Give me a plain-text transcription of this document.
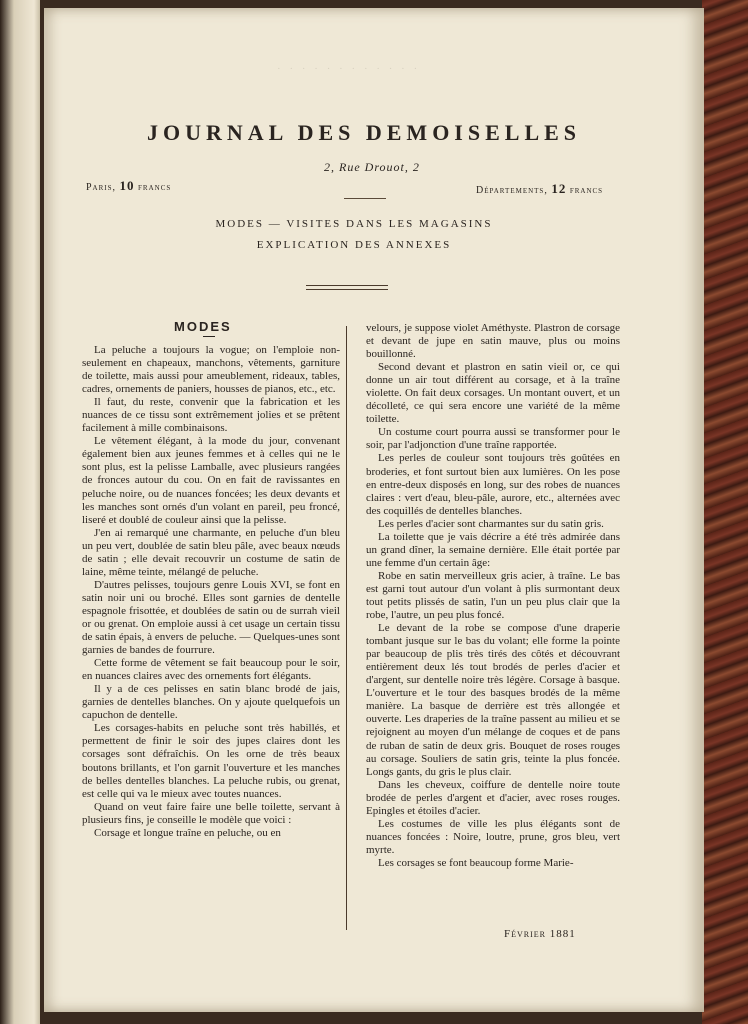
· · · · · · · · · · · ·
JOURNAL DES DEMOISELLES
2, Rue Drouot, 2
Paris, 10 francs	Départements, 12 francs
MODES — VISITES DANS LES MAGASINS
EXPLICATION DES ANNEXES
MODES

La peluche a toujours la vogue; on l'emploie non-seulement en chapeaux, manchons, vêtements, garniture de toilette, mais aussi pour ameublement, rideaux, tables, cadres, ornements de paniers, housses de pianos, etc., etc.

Il faut, du reste, convenir que la fabrication et les nuances de ce tissu sont extrêmement jolies et se prêtent facilement à mille combinaisons.

Le vêtement élégant, à la mode du jour, convenant également bien aux jeunes femmes et à celles qui ne le sont plus, est la pelisse Lamballe, avec plusieurs rangées de fronces autour du cou. On en fait de ravissantes en peluche noire, ou de nuances foncées; les deux devants et les manches sont ornés d'un volant en pareil, peu froncé, liseré et doublé de couleur ainsi que la pelisse.

J'en ai remarqué une charmante, en peluche d'un bleu un peu vert, doublée de satin bleu pâle, avec beaux nœuds de satin ; elle devait recouvrir un costume de satin de laine, même teinte, mélangé de peluche.

D'autres pelisses, toujours genre Louis XVI, se font en satin noir uni ou broché. Elles sont garnies de dentelle espagnole frisottée, et doublées de satin ou de surrah vieil or ou grenat. On emploie aussi à cet usage un certain tissu de satin épais, à envers de peluche. — Quelques-unes sont garnies de bandes de fourrure.

Cette forme de vêtement se fait beaucoup pour le soir, en nuances claires avec des ornements fort élégants.

Il y a de ces pelisses en satin blanc brodé de jais, garnies de dentelles blanches. On y ajoute quelquefois un capuchon de dentelle.

Les corsages-habits en peluche sont très habillés, et permettent de finir le soir des jupes claires dont les corsages sont défraîchis. On les orne de très beaux boutons brillants, et l'on garnit l'ouverture et les manches de belles dentelles blanches. La peluche rubis, ou grenat, est celle qui va le mieux avec toutes nuances.

Quand on veut faire faire une belle toilette, servant à plusieurs fins, je conseille le modèle que voici :

Corsage et longue traîne en peluche, ou en

velours, je suppose violet Améthyste. Plastron de corsage et devant de jupe en satin mauve, plus ou moins bouillonné.

Second devant et plastron en satin vieil or, ce qui donne un air tout différent au corsage, et à la traîne violette. On fait deux corsages. Un montant ouvert, et un décolleté, ce qui sera encore une variété de la même toilette.

Un costume court pourra aussi se transformer pour le soir, par l'adjonction d'une traîne rapportée.

Les perles de couleur sont toujours très goûtées en broderies, et font surtout bien aux lumières. On les pose en entre-deux disposés en long, sur des robes de nuances claires : vert d'eau, bleu-pâle, aurore, etc., alternées avec des coquillés de dentelles blanches.

Les perles d'acier sont charmantes sur du satin gris.

La toilette que je vais décrire a été très admirée dans un grand dîner, la semaine dernière. Elle était portée par une femme d'un certain âge:

Robe en satin merveilleux gris acier, à traîne. Le bas est garni tout autour d'un volant à plis surmontant deux tout petits plissés de satin, l'un un peu plus clair que la robe, l'autre, un peu plus foncé.

Le devant de la robe se compose d'une draperie tombant jusque sur le bas du volant; elle forme la pointe par beaucoup de plis très tirés des côtés et découvrant entièrement deux lés tout brodés de perles d'acier et d'argent, sur dentelle noire très légère. Corsage à basque. L'ouverture et le tour des basques brodés de la même manière. La basque de derrière est très allongée et ouverte. Les draperies de la traîne passent au milieu et se rejoignent au moyen d'un mélange de coques et de pans de ruban de satin de deux gris. Bouquet de roses rouges au corsage. Souliers de satin gris, teinte la plus foncée. Longs gants, du gris le plus clair.

Dans les cheveux, coiffure de dentelle noire toute brodée de perles d'argent et d'acier, avec roses rouges. Epingles et étoiles d'acier.

Les costumes de ville les plus élégants sont de nuances foncées : Noire, loutre, prune, gros bleu, vert myrte.

Les corsages se font beaucoup forme Marie-

Février 1881
